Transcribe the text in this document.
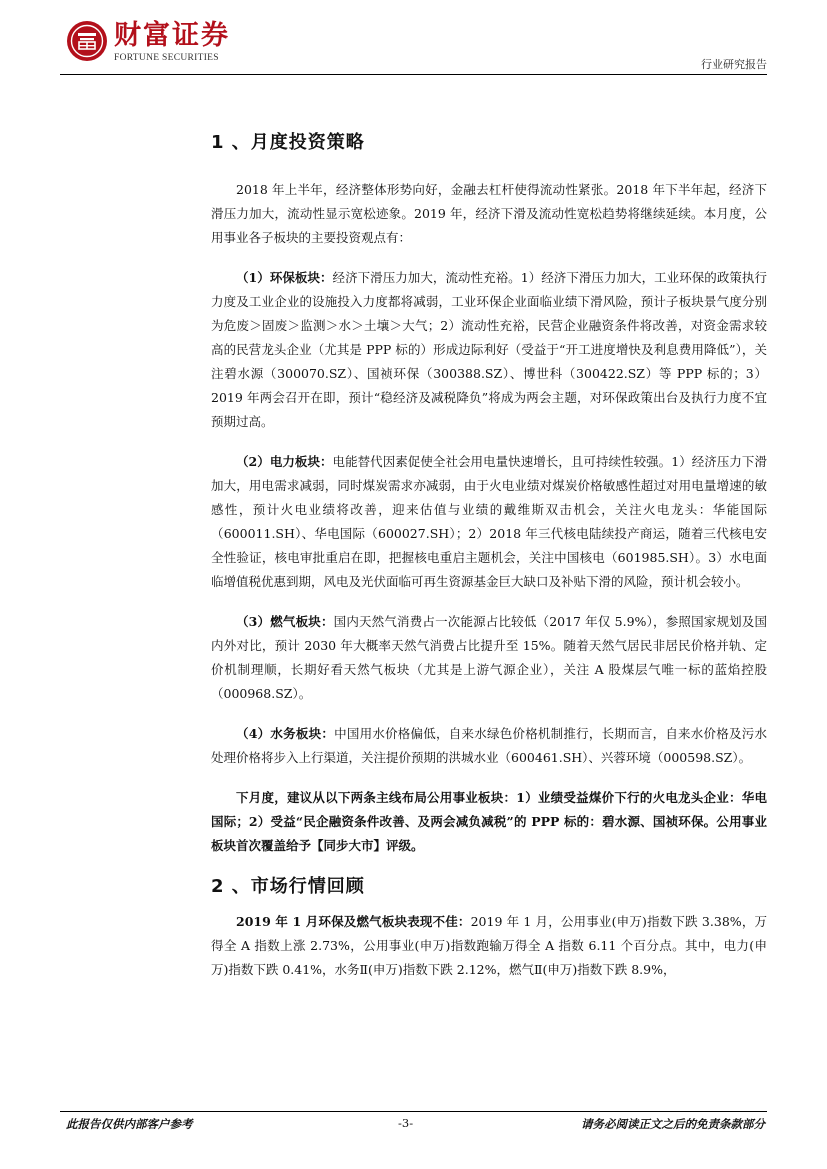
财富证券
FORTUNE SECURITIES	行业研究报告
1 、月度投资策略

2018 年上半年，经济整体形势向好，金融去杠杆使得流动性紧张。2018 年下半年起，经济下滑压力加大，流动性显示宽松迹象。2019 年，经济下滑及流动性宽松趋势将继续延续。本月度，公用事业各子板块的主要投资观点有：

（1）环保板块：经济下滑压力加大，流动性充裕。1）经济下滑压力加大，工业环保的政策执行力度及工业企业的设施投入力度都将减弱，工业环保企业面临业绩下滑风险，预计子板块景气度分别为危废＞固废＞监测＞水＞土壤＞大气；2）流动性充裕，民营企业融资条件将改善，对资金需求较高的民营龙头企业（尤其是 PPP 标的）形成边际利好（受益于“开工进度增快及利息费用降低”），关注碧水源（300070.SZ）、国祯环保（300388.SZ）、博世科（300422.SZ）等 PPP 标的；3）2019 年两会召开在即，预计“稳经济及减税降负”将成为两会主题，对环保政策出台及执行力度不宜预期过高。

（2）电力板块：电能替代因素促使全社会用电量快速增长，且可持续性较强。1）经济压力下滑加大，用电需求减弱，同时煤炭需求亦减弱，由于火电业绩对煤炭价格敏感性超过对用电量增速的敏感性，预计火电业绩将改善，迎来估值与业绩的戴维斯双击机会，关注火电龙头：华能国际（600011.SH）、华电国际（600027.SH）；2）2018 年三代核电陆续投产商运，随着三代核电安全性验证，核电审批重启在即，把握核电重启主题机会，关注中国核电（601985.SH）。3）水电面临增值税优惠到期，风电及光伏面临可再生资源基金巨大缺口及补贴下滑的风险，预计机会较小。

（3）燃气板块：国内天然气消费占一次能源占比较低（2017 年仅 5.9%），参照国家规划及国内外对比，预计 2030 年大概率天然气消费占比提升至 15%。随着天然气居民非居民价格并轨、定价机制理顺，长期好看天然气板块（尤其是上游气源企业），关注 A 股煤层气唯一标的蓝焰控股（000968.SZ）。

（4）水务板块：中国用水价格偏低，自来水绿色价格机制推行，长期而言，自来水价格及污水处理价格将步入上行渠道，关注提价预期的洪城水业（600461.SH）、兴蓉环境（000598.SZ）。

下月度，建议从以下两条主线布局公用事业板块：1）业绩受益煤价下行的火电龙头企业：华电国际；2）受益“民企融资条件改善、及两会减负减税”的 PPP 标的：碧水源、国祯环保。公用事业板块首次覆盖给予【同步大市】评级。

2 、市场行情回顾

2019 年 1 月环保及燃气板块表现不佳：2019 年 1 月，公用事业(申万)指数下跌 3.38%，万得全 A 指数上涨 2.73%，公用事业(申万)指数跑输万得全 A 指数 6.11 个百分点。其中，电力(申万)指数下跌 0.41%，水务Ⅱ(申万)指数下跌 2.12%，燃气Ⅱ(申万)指数下跌 8.9%，

此报告仅供内部客户参考	-3-	请务必阅读正文之后的免责条款部分
